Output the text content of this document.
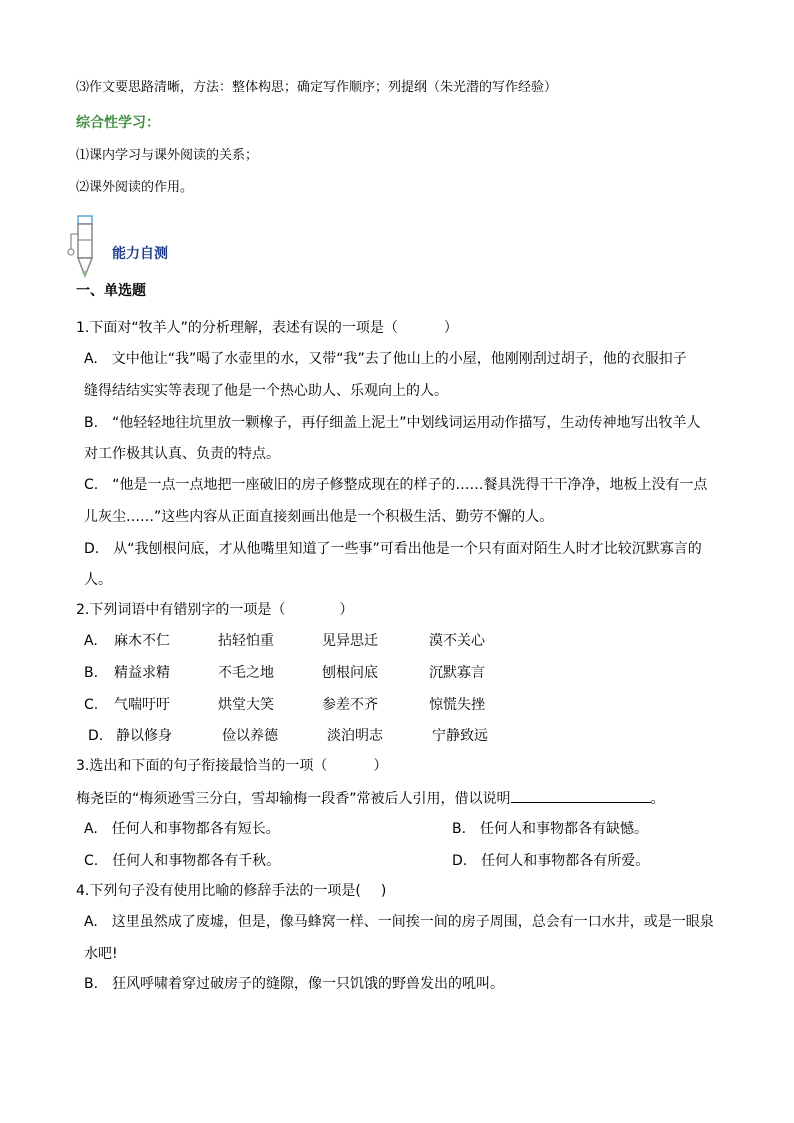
⑶作文要思路清晰，方法：整体构思；确定写作顺序；列提纲（朱光潜的写作经验）
综合性学习：
⑴课内学习与课外阅读的关系；
⑵课外阅读的作用。
能力自测
一、单选题
1.下面对“牧羊人”的分析理解，表述有误的一项是（	）
A.　文中他让“我”喝了水壶里的水，又带“我”去了他山上的小屋，他刚刚刮过胡子，他的衣服扣子
缝得结结实实等表现了他是一个热心助人、乐观向上的人。
B.　“他轻轻地往坑里放一颗橡子，再仔细盖上泥土”中划线词运用动作描写，生动传神地写出牧羊人
对工作极其认真、负责的特点。
C.　“他是一点一点地把一座破旧的房子修整成现在的样子的……餐具洗得干干净净，地板上没有一点
儿灰尘……”这些内容从正面直接刻画出他是一个积极生活、勤劳不懈的人。
D.　从“我刨根问底，才从他嘴里知道了一些事”可看出他是一个只有面对陌生人时才比较沉默寡言的
人。
2.下列词语中有错别字的一项是（	）
A. 麻木不仁	拈轻怕重	见异思迁	漠不关心
B. 精益求精	不毛之地	刨根问底	沉默寡言
C. 气喘吁吁	烘堂大笑	参差不齐	惊慌失挫
D. 静以修身	俭以养德	淡泊明志	宁静致远
3.选出和下面的句子衔接最恰当的一项（	）
梅尧臣的“梅须逊雪三分白，雪却输梅一段香”常被后人引用，借以说明	。
A.　任何人和事物都各有短长。	B.　任何人和事物都各有缺憾。
C.　任何人和事物都各有千秋。	D.　任何人和事物都各有所爱。
4.下列句子没有使用比喻的修辞手法的一项是( )
A.　这里虽然成了废墟，但是，像马蜂窝一样、一间挨一间的房子周围，总会有一口水井，或是一眼泉
水吧!
B.　狂风呼啸着穿过破房子的缝隙，像一只饥饿的野兽发出的吼叫。
